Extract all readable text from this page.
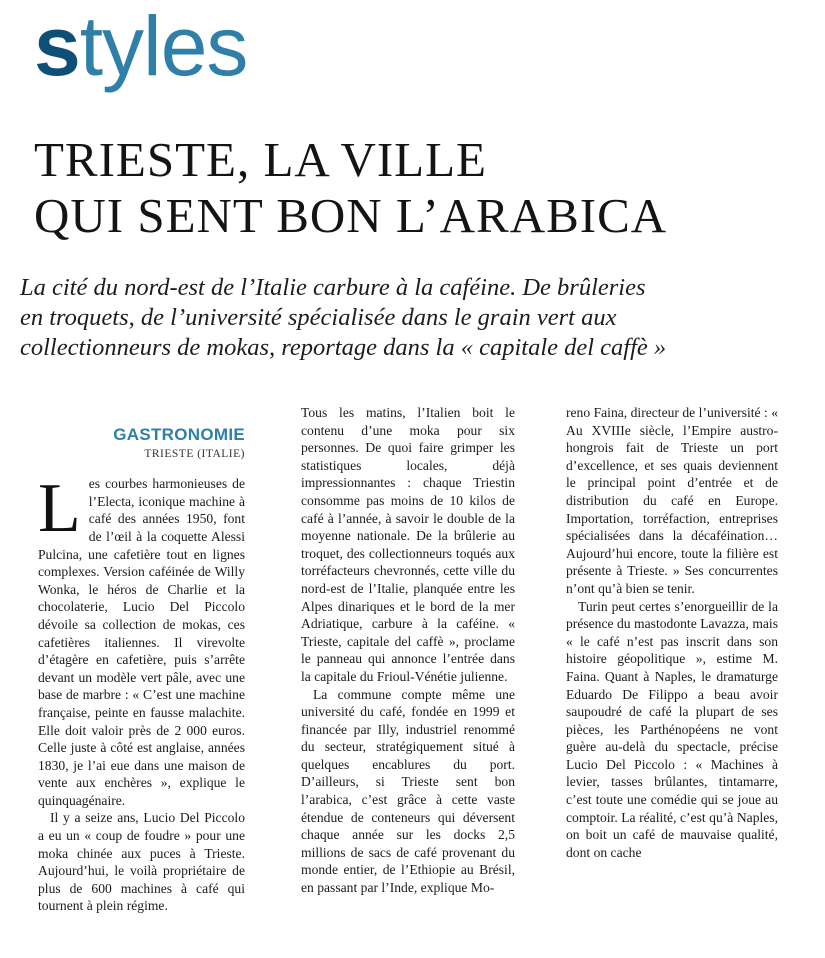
styles
TRIESTE, LA VILLE
QUI SENT BON L’ARABICA

La cité du nord-est de l’Italie carbure à la caféine. De brûleries
en troquets, de l’université spécialisée dans le grain vert aux
collectionneurs de mokas, reportage dans la « capitale del caffè »

GASTRONOMIE
TRIESTE (ITALIE)

Les courbes harmonieuses de l’Electa, iconique machine à café des années 1950, font de l’œil à la coquette Alessi Pulcina, une cafetière tout en lignes complexes. Version caféinée de Willy Wonka, le héros de Charlie et la chocolaterie, Lucio Del Piccolo dévoile sa collection de mokas, ces cafetières italiennes. Il virevolte d’étagère en cafetière, puis s’arrête devant un modèle vert pâle, avec une base de marbre : « C’est une machine française, peinte en fausse malachite. Elle doit valoir près de 2 000 euros. Celle juste à côté est anglaise, années 1830, je l’ai eue dans une maison de vente aux enchères », explique le quinquagénaire.

Il y a seize ans, Lucio Del Piccolo a eu un « coup de foudre » pour une moka chinée aux puces à Trieste. Aujourd’hui, le voilà propriétaire de plus de 600 machines à café qui tournent à plein régime.

Tous les matins, l’Italien boit le contenu d’une moka pour six personnes. De quoi faire grimper les statistiques locales, déjà impressionnantes : chaque Triestin consomme pas moins de 10 kilos de café à l’année, à savoir le double de la moyenne nationale. De la brûlerie au troquet, des collectionneurs toqués aux torréfacteurs chevronnés, cette ville du nord-est de l’Italie, planquée entre les Alpes dinariques et le bord de la mer Adriatique, carbure à la caféine. « Trieste, capitale del caffè », proclame le panneau qui annonce l’entrée dans la capitale du Frioul-Vénétie julienne.

La commune compte même une université du café, fondée en 1999 et financée par Illy, industriel renommé du secteur, stratégiquement situé à quelques encablures du port. D’ailleurs, si Trieste sent bon l’arabica, c’est grâce à cette vaste étendue de conteneurs qui déversent chaque année sur les docks 2,5 millions de sacs de café provenant du monde entier, de l’Ethiopie au Brésil, en passant par l’Inde, explique Mo-

reno Faina, directeur de l’université : « Au XVIIIe siècle, l’Empire austro-hongrois fait de Trieste un port d’excellence, et ses quais deviennent le principal point d’entrée et de distribution du café en Europe. Importation, torréfaction, entreprises spécialisées dans la décaféination… Aujourd’hui encore, toute la filière est présente à Trieste. » Ses concurrentes n’ont qu’à bien se tenir.

Turin peut certes s’enorgueillir de la présence du mastodonte Lavazza, mais « le café n’est pas inscrit dans son histoire géopolitique », estime M. Faina. Quant à Naples, le dramaturge Eduardo De Filippo a beau avoir saupoudré de café la plupart de ses pièces, les Parthénopéens ne vont guère au-delà du spectacle, précise Lucio Del Piccolo : « Machines à levier, tasses brûlantes, tintamarre, c’est toute une comédie qui se joue au comptoir. La réalité, c’est qu’à Naples, on boit un café de mauvaise qualité, dont on cache
